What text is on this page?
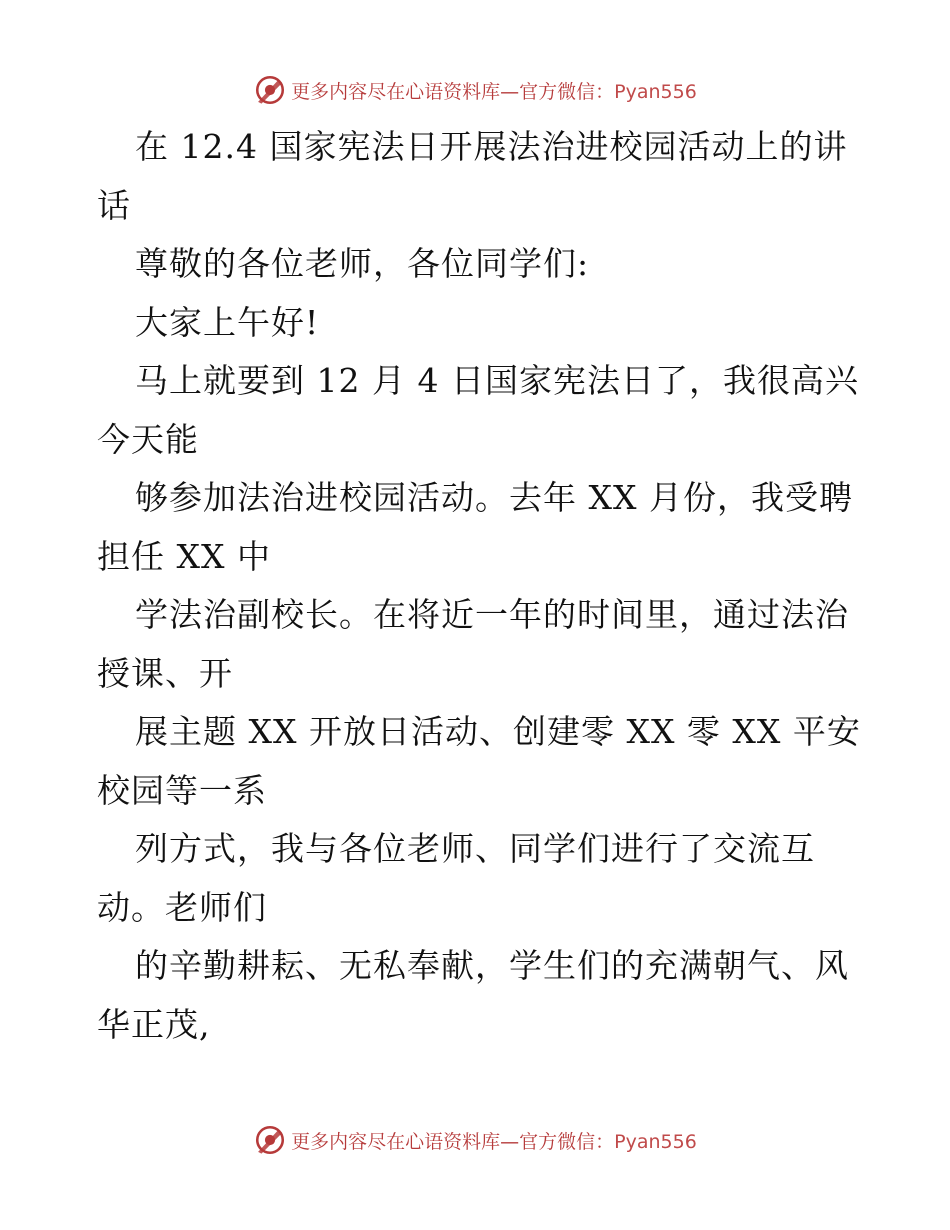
更多内容尽在心语资料库—官方微信：Pyan556
在 12.4 国家宪法日开展法治进校园活动上的讲
话
尊敬的各位老师，各位同学们:
大家上午好!
马上就要到 12 月 4 日国家宪法日了，我很高兴
今天能
够参加法治进校园活动。去年 XX 月份，我受聘
担任 XX 中
学法治副校长。在将近一年的时间里，通过法治
授课、开
展主题 XX 开放日活动、创建零 XX 零 XX 平安
校园等一系
列方式，我与各位老师、同学们进行了交流互
动。老师们
的辛勤耕耘、无私奉献，学生们的充满朝气、风
华正茂,
更多内容尽在心语资料库—官方微信：Pyan556
